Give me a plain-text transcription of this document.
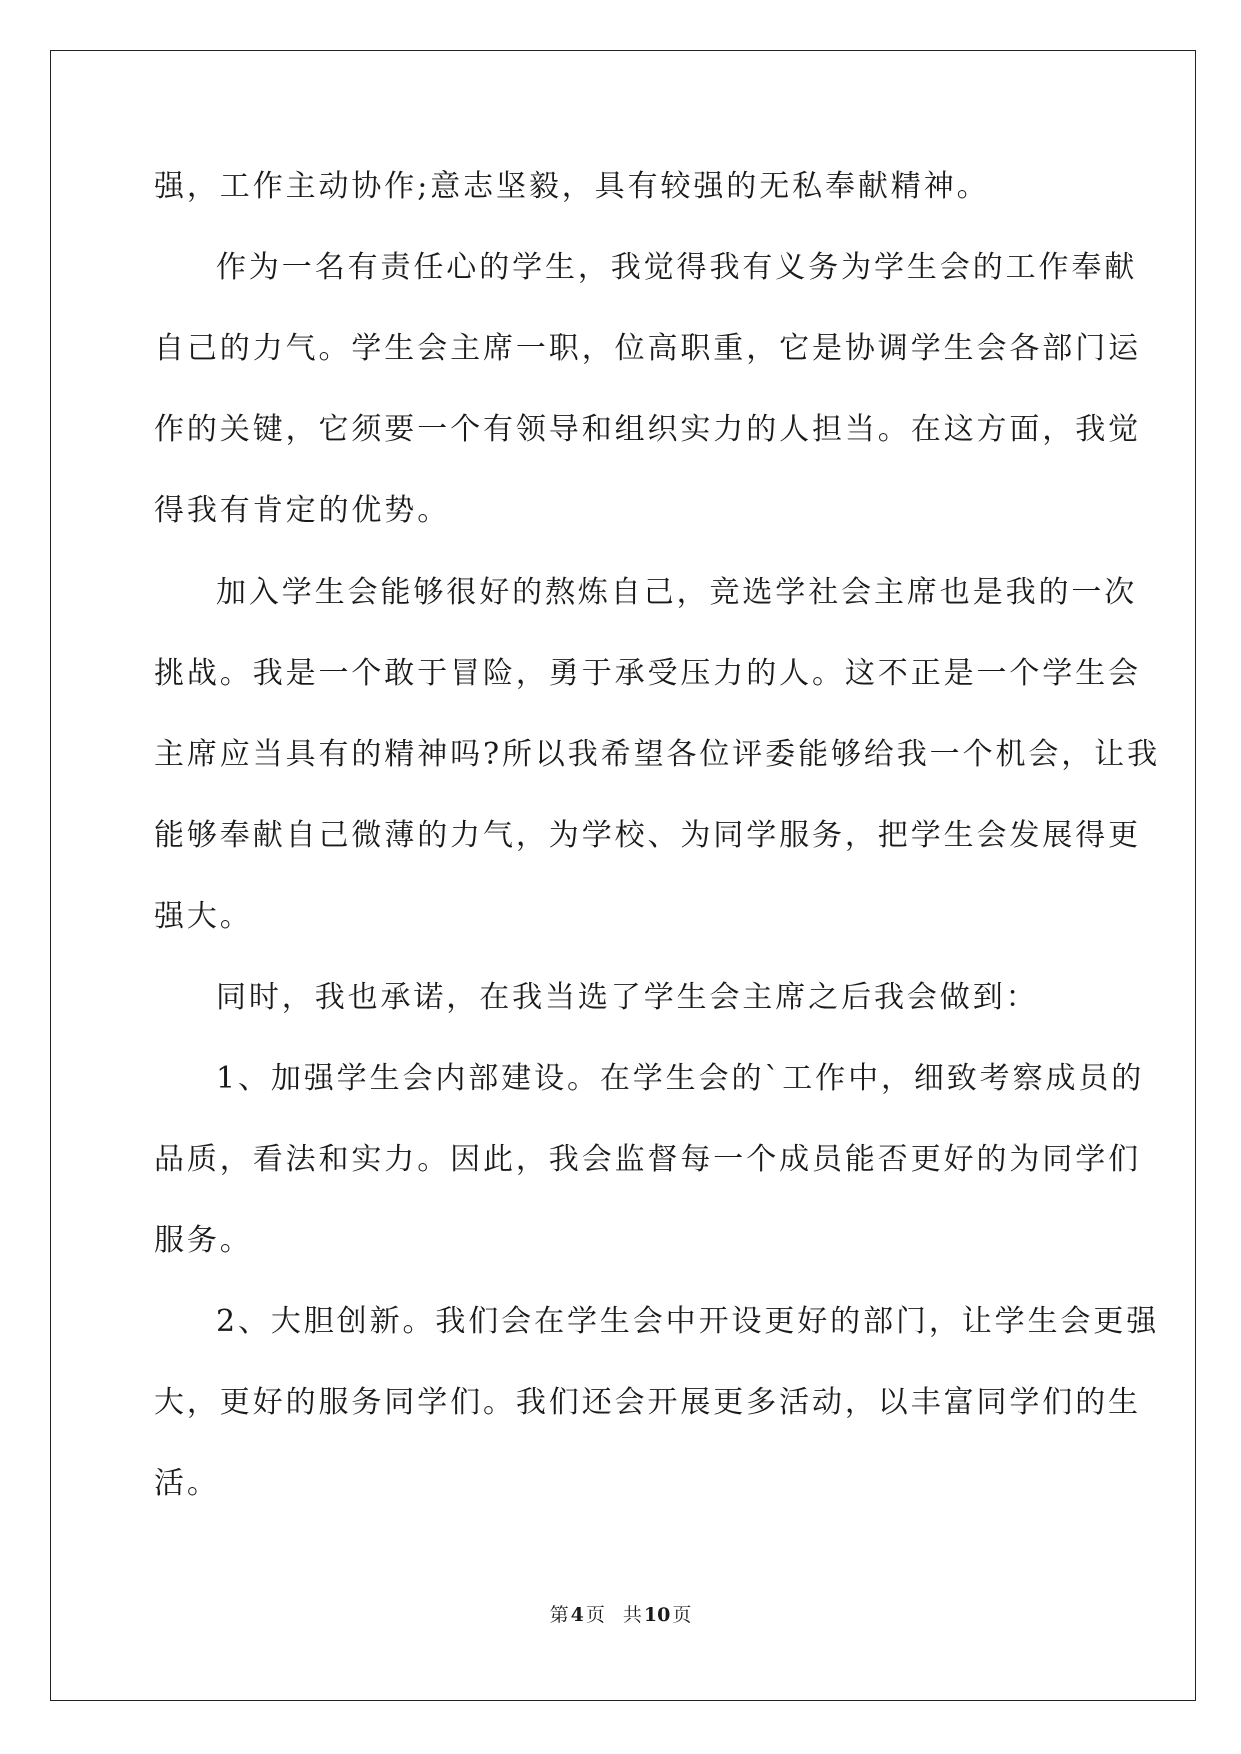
强，工作主动协作;意志坚毅，具有较强的无私奉献精神。
作为一名有责任心的学生，我觉得我有义务为学生会的工作奉献
自己的力气。学生会主席一职，位高职重，它是协调学生会各部门运
作的关键，它须要一个有领导和组织实力的人担当。在这方面，我觉
得我有肯定的优势。
加入学生会能够很好的熬炼自己，竞选学社会主席也是我的一次
挑战。我是一个敢于冒险，勇于承受压力的人。这不正是一个学生会
主席应当具有的精神吗?所以我希望各位评委能够给我一个机会，让我
能够奉献自己微薄的力气，为学校、为同学服务，把学生会发展得更
强大。
同时，我也承诺，在我当选了学生会主席之后我会做到：
1、加强学生会内部建设。在学生会的`工作中，细致考察成员的
品质，看法和实力。因此，我会监督每一个成员能否更好的为同学们
服务。
2、大胆创新。我们会在学生会中开设更好的部门，让学生会更强
大，更好的服务同学们。我们还会开展更多活动，以丰富同学们的生
活。
第 4 页 共 10 页
